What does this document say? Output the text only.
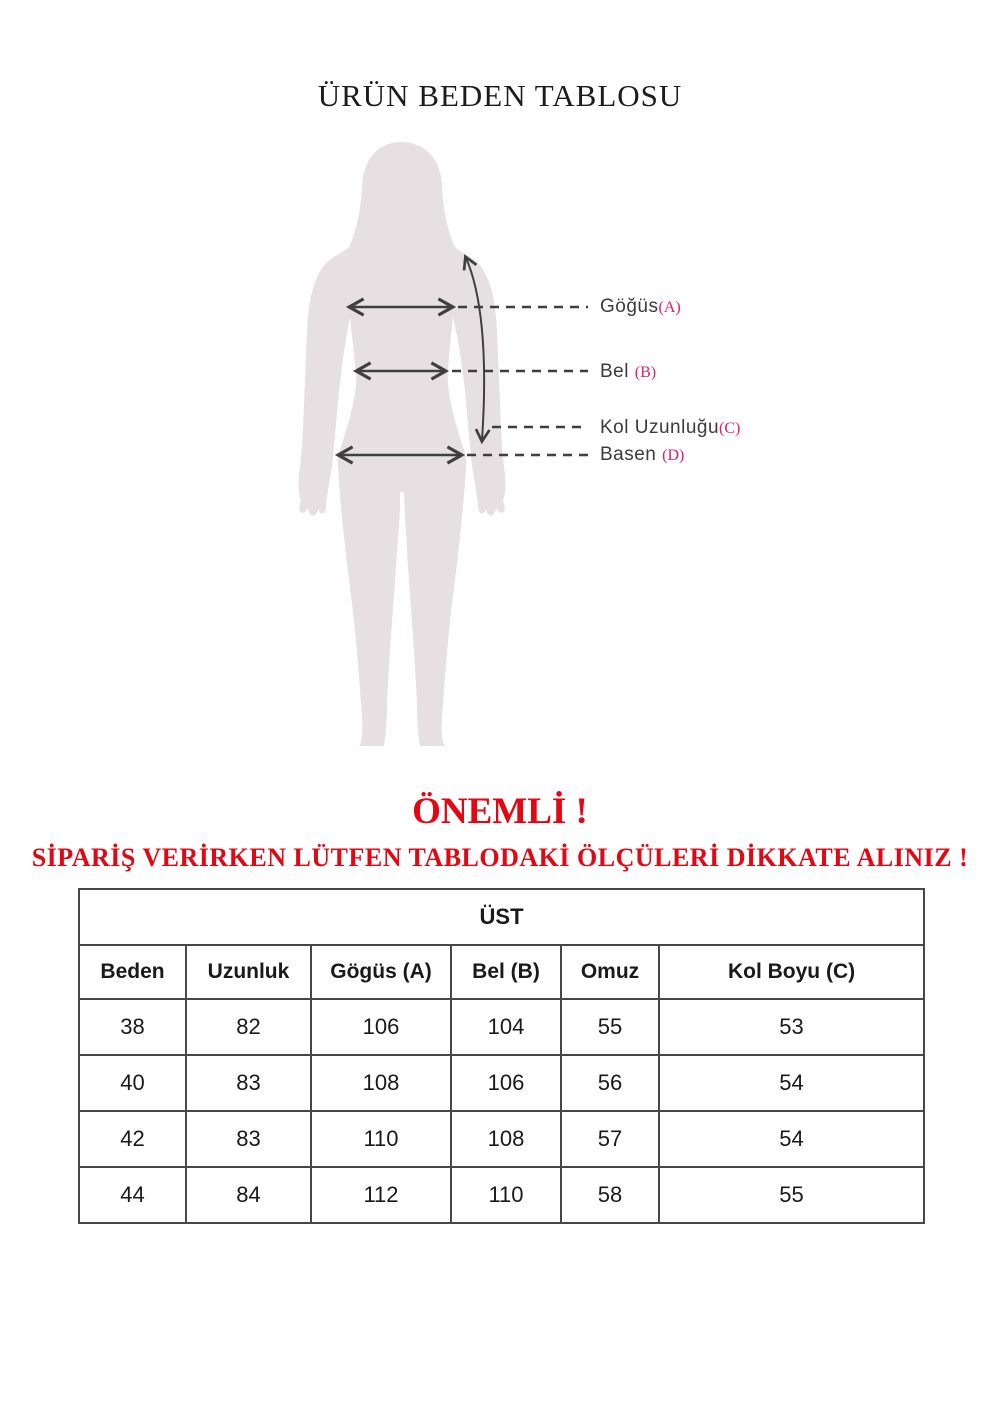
ÜRÜN BEDEN TABLOSU
Göğüs(A)
Bel (B)
Kol Uzunluğu(C)
Basen (D)
ÖNEMLİ !
SİPARİŞ VERİRKEN LÜTFEN TABLODAKİ ÖLÇÜLERİ DİKKATE ALINIZ !
ÜST					
Beden	Uzunluk	Gögüs (A)	Bel (B)	Omuz	Kol Boyu (C)
38	82	106	104	55	53
40	83	108	106	56	54
42	83	110	108	57	54
44	84	112	110	58	55
